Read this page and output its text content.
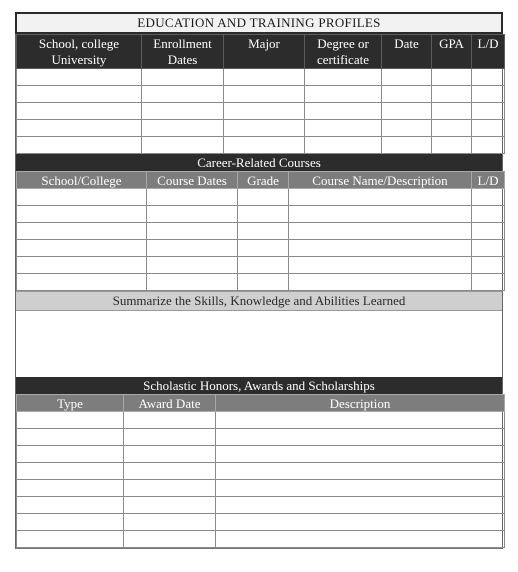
EDUCATION AND TRAINING PROFILES
School, college University	Enrollment Dates	Major	Degree or certificate	Date	GPA	L/D

Career-Related Courses
School/College	Course Dates	Grade	Course Name/Description	L/D

Summarize the Skills, Knowledge and Abilities Learned
Scholastic Honors, Awards and Scholarships
Type	Award Date	Description
